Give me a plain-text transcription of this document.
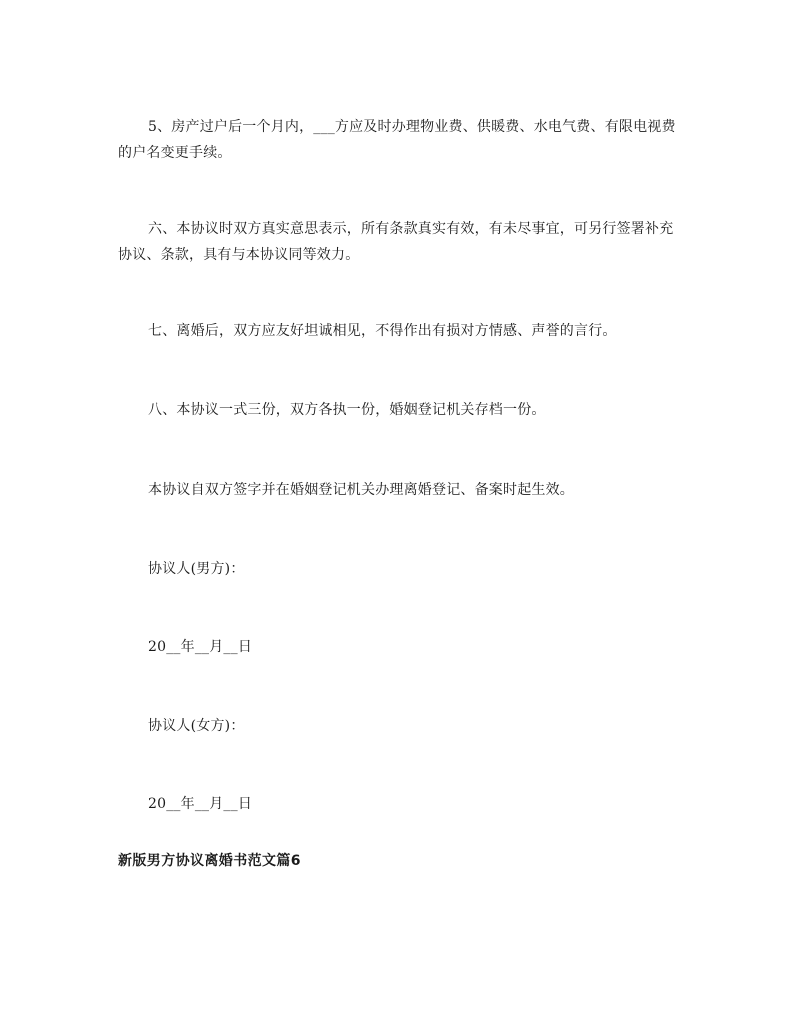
5、房产过户后一个月内，___方应及时办理物业费、供暖费、水电气费、有限电视费的户名变更手续。

六、本协议时双方真实意思表示，所有条款真实有效，有未尽事宜，可另行签署补充协议、条款，具有与本协议同等效力。

七、离婚后，双方应友好坦诚相见，不得作出有损对方情感、声誉的言行。

八、本协议一式三份，双方各执一份，婚姻登记机关存档一份。

本协议自双方签字并在婚姻登记机关办理离婚登记、备案时起生效。

协议人(男方)：

20__年__月__日

协议人(女方)：

20__年__月__日

新版男方协议离婚书范文篇6
